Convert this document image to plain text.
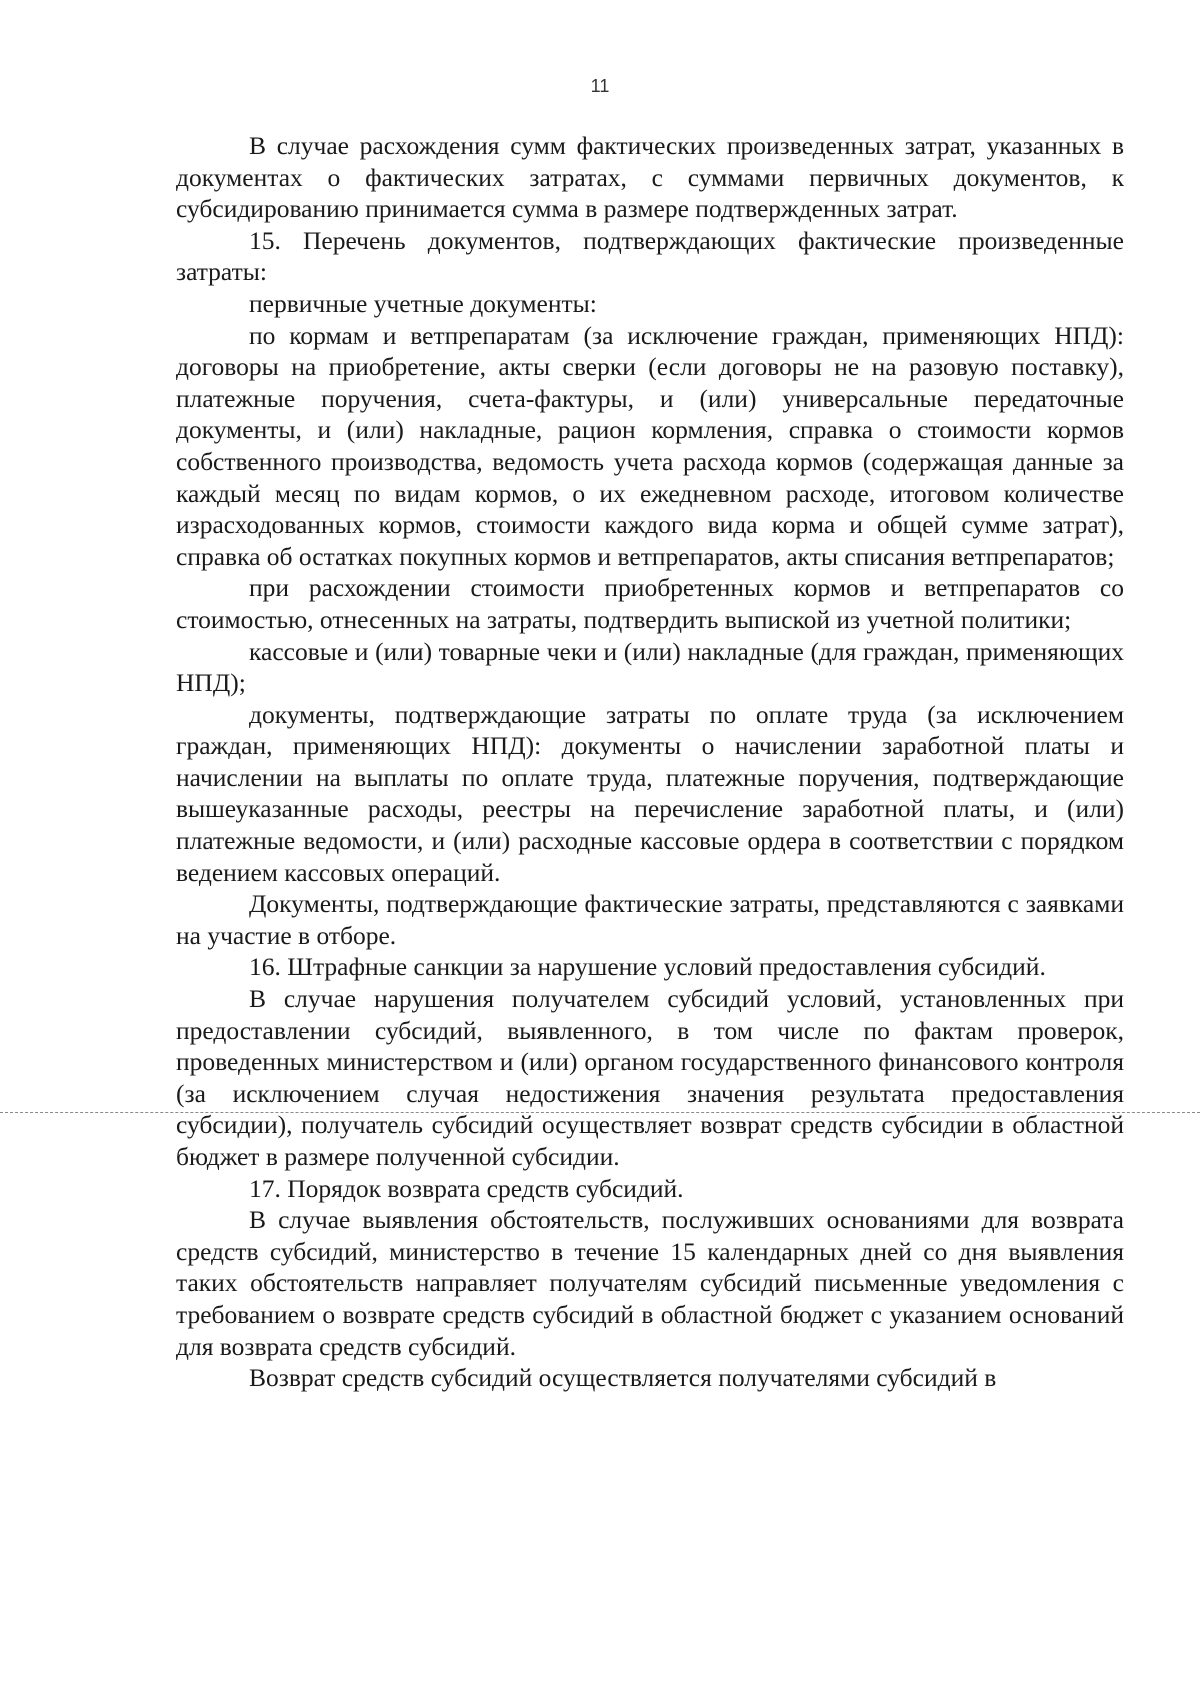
11

В случае расхождения сумм фактических произведенных затрат, указанных в документах о фактических затратах, с суммами первичных документов, к субсидированию принимается сумма в размере подтвержденных затрат.

15. Перечень документов, подтверждающих фактические произведенные затраты:

первичные учетные документы:

по кормам и ветпрепаратам (за исключение граждан, применяющих НПД): договоры на приобретение, акты сверки (если договоры не на разовую поставку), платежные поручения, счета-фактуры, и (или) универсальные передаточные документы, и (или) накладные, рацион кормления, справка о стоимости кормов собственного производства, ведомость учета расхода кормов (содержащая данные за каждый месяц по видам кормов, о их ежедневном расходе, итоговом количестве израсходованных кормов, стоимости каждого вида корма и общей сумме затрат), справка об остатках покупных кормов и ветпрепаратов, акты списания ветпрепаратов;

при расхождении стоимости приобретенных кормов и ветпрепаратов со стоимостью, отнесенных на затраты, подтвердить выпиской из учетной политики;

кассовые и (или) товарные чеки и (или) накладные (для граждан, применяющих НПД);

документы, подтверждающие затраты по оплате труда (за исключением граждан, применяющих НПД): документы о начислении заработной платы и начислении на выплаты по оплате труда, платежные поручения, подтверждающие вышеуказанные расходы, реестры на перечисление заработной платы, и (или) платежные ведомости, и (или) расходные кассовые ордера в соответствии с порядком ведением кассовых операций.

Документы, подтверждающие фактические затраты, представляются с заявками на участие в отборе.

16. Штрафные санкции за нарушение условий предоставления субсидий.

В случае нарушения получателем субсидий условий, установленных при предоставлении субсидий, выявленного, в том числе по фактам проверок, проведенных министерством и (или) органом государственного финансового контроля (за исключением случая недостижения значения результата предоставления субсидии), получатель субсидий осуществляет возврат средств субсидии в областной бюджет в размере полученной субсидии.

17. Порядок возврата средств субсидий.

В случае выявления обстоятельств, послуживших основаниями для возврата средств субсидий, министерство в течение 15 календарных дней со дня выявления таких обстоятельств направляет получателям субсидий письменные уведомления с требованием о возврате средств субсидий в областной бюджет с указанием оснований для возврата средств субсидий.

Возврат средств субсидий осуществляется получателями субсидий в
